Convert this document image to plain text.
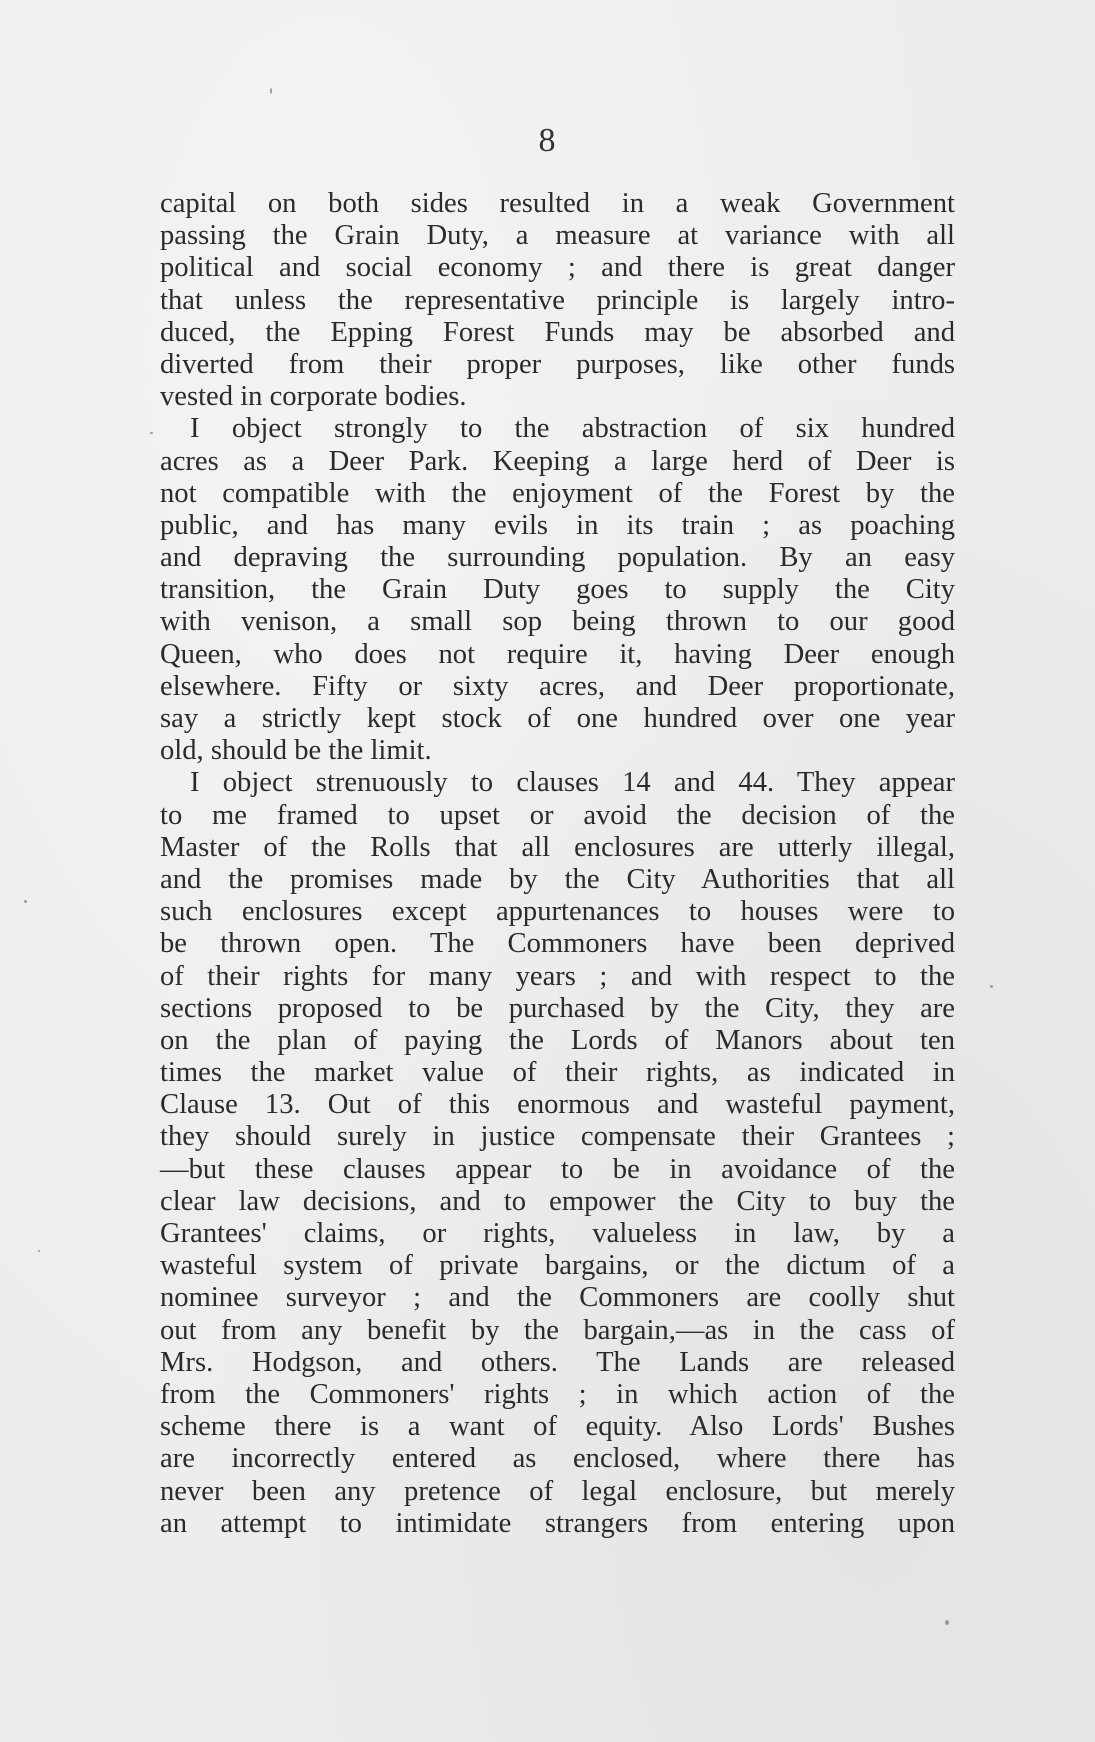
8
capital on both sides resulted in a weak Government
passing the Grain Duty, a measure at variance with all
political and social economy ; and there is great danger
that unless the representative principle is largely intro-
duced, the Epping Forest Funds may be absorbed and
diverted from their proper purposes, like other funds
vested in corporate bodies.
I object strongly to the abstraction of six hundred
acres as a Deer Park. Keeping a large herd of Deer is
not compatible with the enjoyment of the Forest by the
public, and has many evils in its train ; as poaching
and depraving the surrounding population. By an easy
transition, the Grain Duty goes to supply the City
with venison, a small sop being thrown to our good
Queen, who does not require it, having Deer enough
elsewhere. Fifty or sixty acres, and Deer proportionate,
say a strictly kept stock of one hundred over one year
old, should be the limit.
I object strenuously to clauses 14 and 44. They appear
to me framed to upset or avoid the decision of the
Master of the Rolls that all enclosures are utterly illegal,
and the promises made by the City Authorities that all
such enclosures except appurtenances to houses were to
be thrown open. The Commoners have been deprived
of their rights for many years ; and with respect to the
sections proposed to be purchased by the City, they are
on the plan of paying the Lords of Manors about ten
times the market value of their rights, as indicated in
Clause 13. Out of this enormous and wasteful payment,
they should surely in justice compensate their Grantees ;
—but these clauses appear to be in avoidance of the
clear law decisions, and to empower the City to buy the
Grantees' claims, or rights, valueless in law, by a
wasteful system of private bargains, or the dictum of a
nominee surveyor ; and the Commoners are coolly shut
out from any benefit by the bargain,—as in the cass of
Mrs. Hodgson, and others. The Lands are released
from the Commoners' rights ; in which action of the
scheme there is a want of equity. Also Lords' Bushes
are incorrectly entered as enclosed, where there has
never been any pretence of legal enclosure, but merely
an attempt to intimidate strangers from entering upon
